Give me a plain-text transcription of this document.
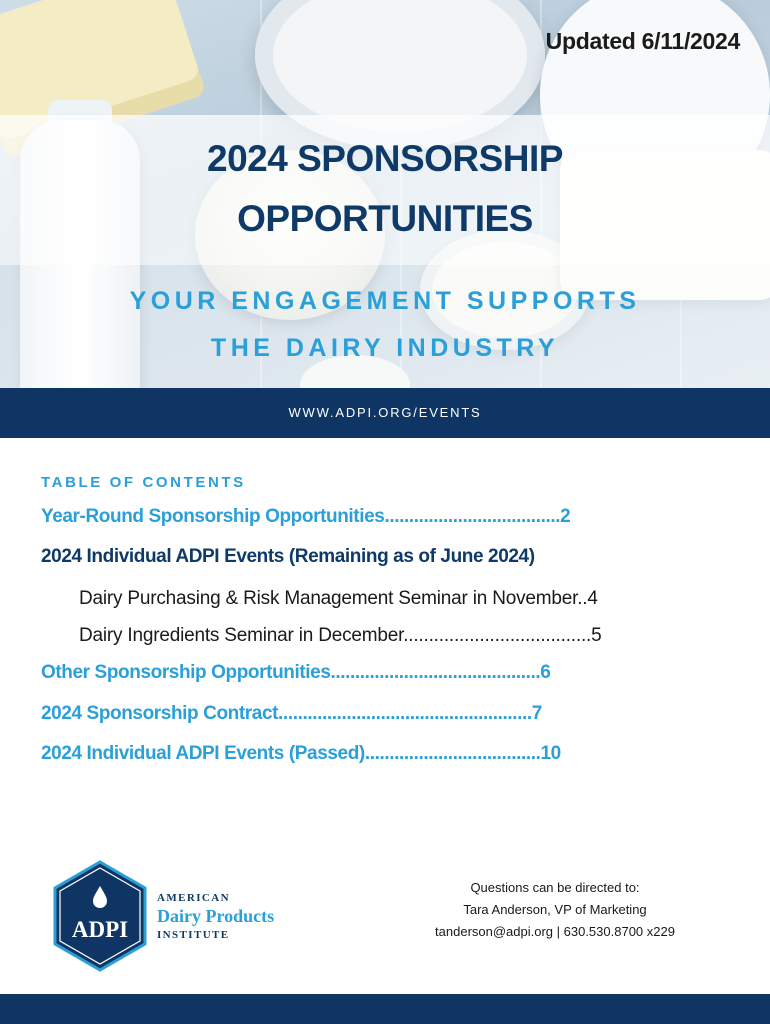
Updated 6/11/2024
2024 SPONSORSHIP
OPPORTUNITIES
YOUR ENGAGEMENT SUPPORTS
THE DAIRY INDUSTRY
WWW.ADPI.ORG/EVENTS
TABLE OF CONTENTS
Year-Round Sponsorship Opportunities....................................2
2024 Individual ADPI Events (Remaining as of June 2024)
Dairy Purchasing & Risk Management Seminar in November..4
Dairy Ingredients Seminar in December.....................................5
Other Sponsorship Opportunities...........................................6
2024 Sponsorship Contract....................................................7
2024 Individual ADPI Events (Passed)....................................10
ADPI
AMERICAN
Dairy Products
INSTITUTE
Questions can be directed to:
Tara Anderson, VP of Marketing
tanderson@adpi.org | 630.530.8700 x229
